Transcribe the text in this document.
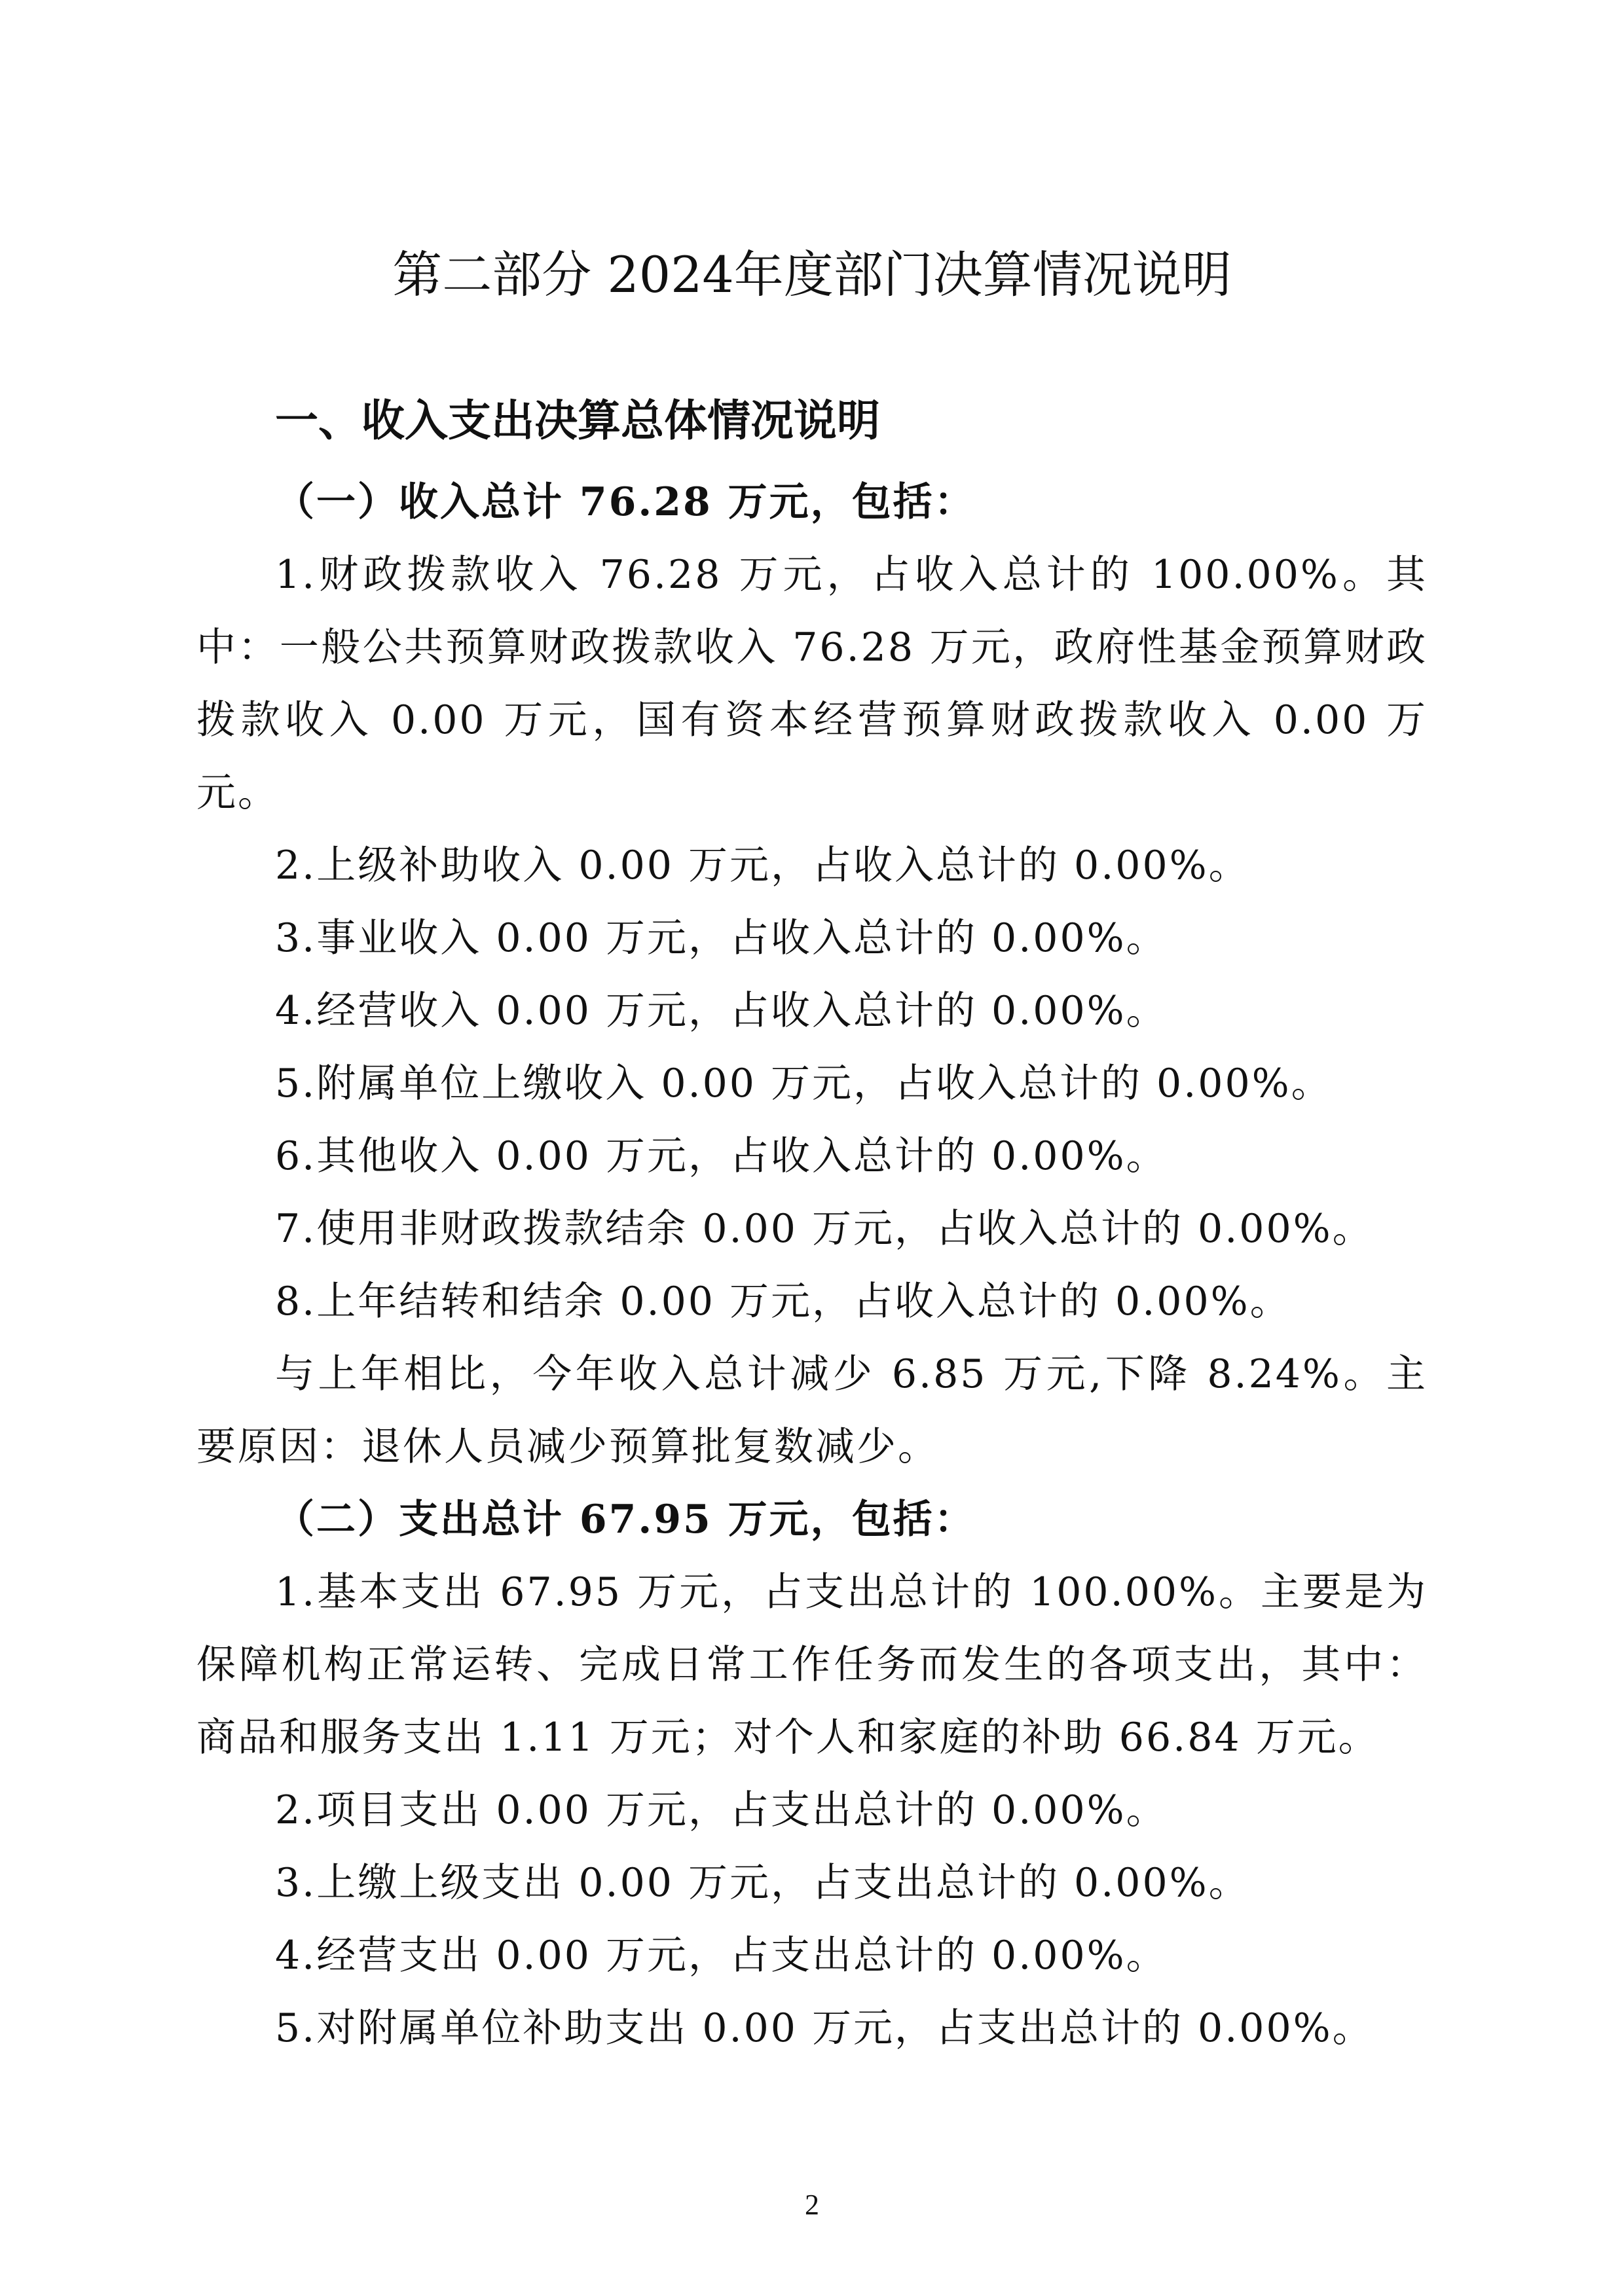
第二部分 2024年度部门决算情况说明
一、收入支出决算总体情况说明

（一）收入总计 76.28 万元，包括：

1.财政拨款收入 76.28 万元，占收入总计的 100.00%。其中：一般公共预算财政拨款收入 76.28 万元，政府性基金预算财政拨款收入 0.00 万元，国有资本经营预算财政拨款收入 0.00 万元。

2.上级补助收入 0.00 万元，占收入总计的 0.00%。

3.事业收入 0.00 万元，占收入总计的 0.00%。

4.经营收入 0.00 万元，占收入总计的 0.00%。

5.附属单位上缴收入 0.00 万元，占收入总计的 0.00%。

6.其他收入 0.00 万元，占收入总计的 0.00%。

7.使用非财政拨款结余 0.00 万元，占收入总计的 0.00%。

8.上年结转和结余 0.00 万元，占收入总计的 0.00%。

与上年相比，今年收入总计减少 6.85 万元,下降 8.24%。主要原因：退休人员减少预算批复数减少。

（二）支出总计 67.95 万元，包括：

1.基本支出 67.95 万元，占支出总计的 100.00%。主要是为保障机构正常运转、完成日常工作任务而发生的各项支出，其中：商品和服务支出 1.11 万元；对个人和家庭的补助 66.84 万元。

2.项目支出 0.00 万元，占支出总计的 0.00%。

3.上缴上级支出 0.00 万元，占支出总计的 0.00%。

4.经营支出 0.00 万元，占支出总计的 0.00%。

5.对附属单位补助支出 0.00 万元，占支出总计的 0.00%。

2
